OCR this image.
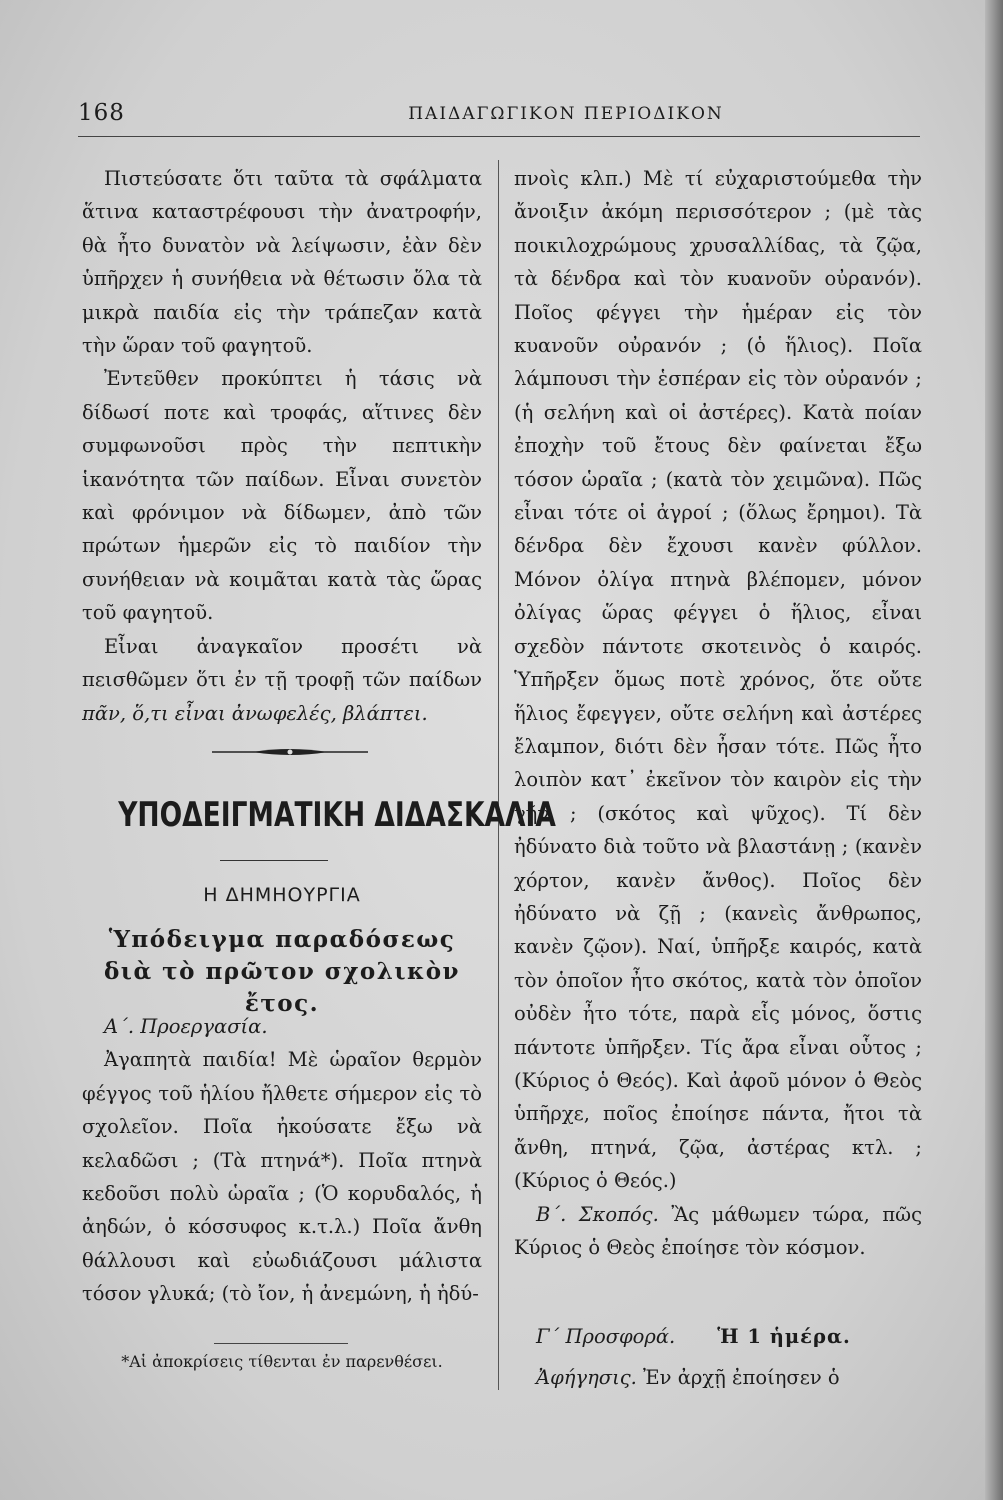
168	ΠΑΙΔΑΓΩΓΙΚΟΝ ΠΕΡΙΟΔΙΚΟΝ

Πιστεύσατε ὅτι ταῦτα τὰ σφάλματα ἅτινα καταστρέφουσι τὴν ἀνατροφήν, θὰ ἦτο δυνατὸν νὰ λείψωσιν, ἐὰν δὲν ὑπῆρχεν ἡ συνήθεια νὰ θέτωσιν ὅλα τὰ μικρὰ παιδία εἰς τὴν τράπεζαν κατὰ τὴν ὥραν τοῦ φαγητοῦ.

Ἐντεῦθεν προκύπτει ἡ τάσις νὰ δίδωσί ποτε καὶ τροφάς, αἵτινες δὲν συμφωνοῦσι πρὸς τὴν πεπτικὴν ἱκανότητα τῶν παίδων. Εἶναι συνετὸν καὶ φρόνιμον νὰ δίδωμεν, ἀπὸ τῶν πρώτων ἡμερῶν εἰς τὸ παιδίον τὴν συνήθειαν νὰ κοιμᾶται κατὰ τὰς ὥρας τοῦ φαγητοῦ.

Εἶναι ἀναγκαῖον προσέτι νὰ πεισθῶμεν ὅτι ἐν τῇ τροφῇ τῶν παίδων πᾶν, ὅ,τι εἶναι ἀνωφελές, βλάπτει.

ΥΠΟΔΕΙΓΜΑΤΙΚΗ ΔΙΔΑΣΚΑΛΙΑ
Η ΔΗΜΗΟΥΡΓΙΑ
Ὑπόδειγμα παραδόσεως διὰ τὸ πρῶτον σχολικὸν ἔτος.

Α΄. Προεργασία.

Ἀγαπητὰ παιδία! Μὲ ὡραῖον θερμὸν φέγγος τοῦ ἡλίου ἤλθετε σήμερον εἰς τὸ σχολεῖον. Ποῖα ἠκούσατε ἔξω νὰ κελαδῶσι ; (Τὰ πτηνά*). Ποῖα πτηνὰ κεδοῦσι πολὺ ὡραῖα ; (Ὁ κορυδαλός, ἡ ἀηδών, ὁ κόσσυφος κ.τ.λ.) Ποῖα ἄνθη θάλλουσι καὶ εὐωδιάζουσι μάλιστα τόσον γλυκά; (τὸ ἴον, ἡ ἀνεμώνη, ἡ ἡδύ-

*Αἱ ἀποκρίσεις τίθενται ἐν παρενθέσει.

πνοὶς κλπ.) Μὲ τί εὐχαριστούμεθα τὴν ἄνοιξιν ἀκόμη περισσότερον ; (μὲ τὰς ποικιλοχρώμους χρυσαλλίδας, τὰ ζῷα, τὰ δένδρα καὶ τὸν κυανοῦν οὐρανόν). Ποῖος φέγγει τὴν ἡμέραν εἰς τὸν κυανοῦν οὐρανόν ; (ὁ ἥλιος). Ποῖα λάμπουσι τὴν ἑσπέραν εἰς τὸν οὐρανόν ; (ἡ σελήνη καὶ οἱ ἀστέρες). Κατὰ ποίαν ἐποχὴν τοῦ ἔτους δὲν φαίνεται ἔξω τόσον ὡραῖα ; (κατὰ τὸν χειμῶνα). Πῶς εἶναι τότε οἱ ἀγροί ; (ὅλως ἔρημοι). Τὰ δένδρα δὲν ἔχουσι κανὲν φύλλον. Μόνον ὀλίγα πτηνὰ βλέπομεν, μόνον ὀλίγας ὥρας φέγγει ὁ ἥλιος, εἶναι σχεδὸν πάντοτε σκοτεινὸς ὁ καιρός. Ὑπῆρξεν ὅμως ποτὲ χρόνος, ὅτε οὔτε ἥλιος ἔφεγγεν, οὔτε σελήνη καὶ ἀστέρες ἔλαμπον, διότι δὲν ἦσαν τότε. Πῶς ἦτο λοιπὸν κατ᾿ ἐκεῖνον τὸν καιρὸν εἰς τὴν γῆν ; (σκότος καὶ ψῦχος). Τί δὲν ἠδύνατο διὰ τοῦτο νὰ βλαστάνῃ ; (κανὲν χόρτον, κανὲν ἄνθος). Ποῖος δὲν ἠδύνατο νὰ ζῇ ; (κανεὶς ἄνθρωπος, κανὲν ζῷον). Ναί, ὑπῆρξε καιρός, κατὰ τὸν ὁποῖον ἦτο σκότος, κατὰ τὸν ὁποῖον οὐδὲν ἦτο τότε, παρὰ εἷς μόνος, ὅστις πάντοτε ὑπῆρξεν. Τίς ἄρα εἶναι οὗτος ; (Κύριος ὁ Θεός). Καὶ ἀφοῦ μόνον ὁ Θεὸς ὑπῆρχε, ποῖος ἐποίησε πάντα, ἤτοι τὰ ἄνθη, πτηνά, ζῷα, ἀστέρας κτλ. ; (Κύριος ὁ Θεός.)

Β΄. Σκοπός. Ἂς μάθωμεν τώρα, πῶς Κύριος ὁ Θεὸς ἐποίησε τὸν κόσμον.

Γ΄ Προσφορά. Ἡ 1 ἡμέρα.

Ἀφήγησις. Ἐν ἀρχῇ ἐποίησεν ὁ
